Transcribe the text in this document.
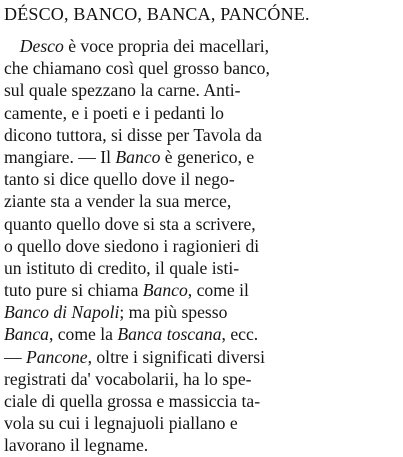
DÉSCO, BANCO, BANCA, PANCÓNE.
Desco è voce propria dei macellari,
che chiamano così quel grosso banco,
sul quale spezzano la carne. Anti-
camente, e i poeti e i pedanti lo
dicono tuttora, si disse per Tavola da
mangiare. — Il Banco è generico, e
tanto si dice quello dove il nego-
ziante sta a vender la sua merce,
quanto quello dove si sta a scrivere,
o quello dove siedono i ragionieri di
un istituto di credito, il quale isti-
tuto pure si chiama Banco, come il
Banco di Napoli; ma più spesso
Banca, come la Banca toscana, ecc.
— Pancone, oltre i significati diversi
registrati da' vocabolarii, ha lo spe-
ciale di quella grossa e massiccia ta-
vola su cui i legnajuoli piallano e
lavorano il legname.
